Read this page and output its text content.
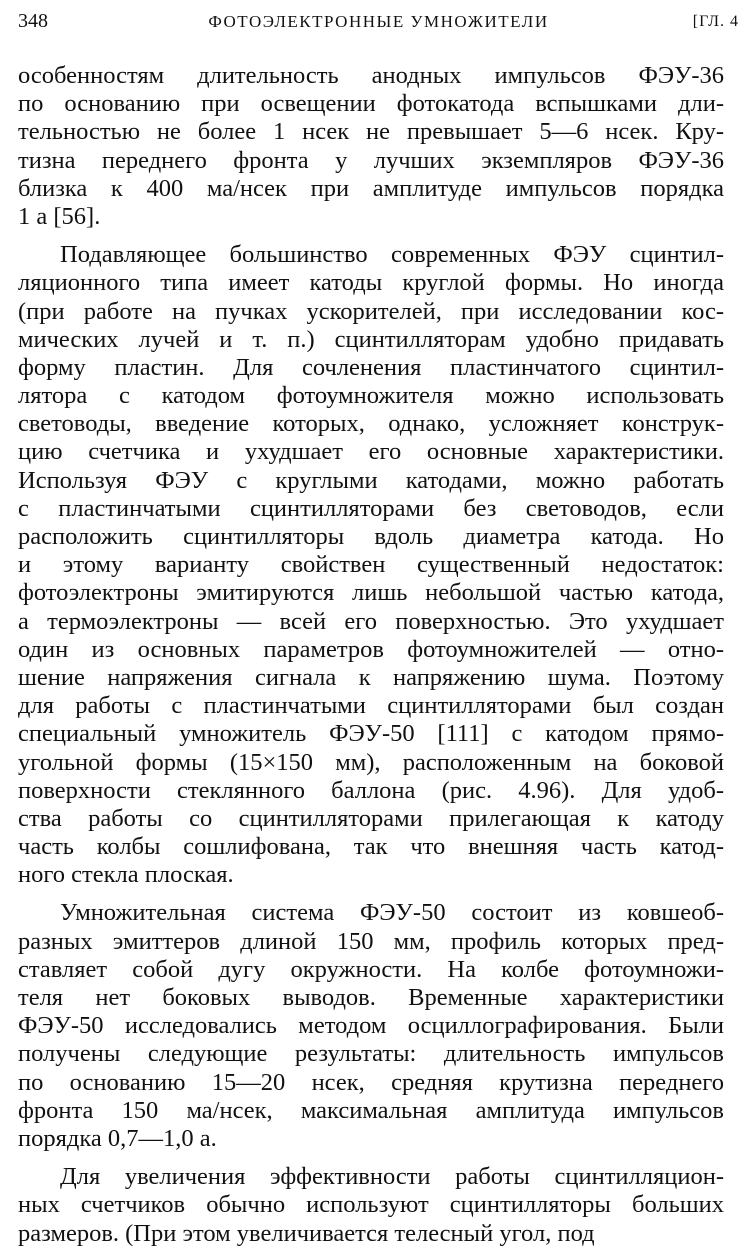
348	ФОТОЭЛЕКТРОННЫЕ УМНОЖИТЕЛИ	[ГЛ. 4
особенностям длительность анодных импульсов ФЭУ-36
по основанию при освещении фотокатода вспышками дли-
тельностью не более 1 нсек не превышает 5—6 нсек. Кру-
тизна переднего фронта у лучших экземпляров ФЭУ-36
близка к 400 ма/нсек при амплитуде импульсов порядка
1 а [56].
Подавляющее большинство современных ФЭУ сцинтил-
ляционного типа имеет катоды круглой формы. Но иногда
(при работе на пучках ускорителей, при исследовании кос-
мических лучей и т. п.) сцинтилляторам удобно придавать
форму пластин. Для сочленения пластинчатого сцинтил-
лятора с катодом фотоумножителя можно использовать
световоды, введение которых, однако, усложняет конструк-
цию счетчика и ухудшает его основные характеристики.
Используя ФЭУ с круглыми катодами, можно работать
с пластинчатыми сцинтилляторами без световодов, если
расположить сцинтилляторы вдоль диаметра катода. Но
и этому варианту свойствен существенный недостаток:
фотоэлектроны эмитируются лишь небольшой частью катода,
а термоэлектроны — всей его поверхностью. Это ухудшает
один из основных параметров фотоумножителей — отно-
шение напряжения сигнала к напряжению шума. Поэтому
для работы с пластинчатыми сцинтилляторами был создан
специальный умножитель ФЭУ-50 [111] с катодом прямо-
угольной формы (15×150 мм), расположенным на боковой
поверхности стеклянного баллона (рис. 4.96). Для удоб-
ства работы со сцинтилляторами прилегающая к катоду
часть колбы сошлифована, так что внешняя часть катод-
ного стекла плоская.
Умножительная система ФЭУ-50 состоит из ковшеоб-
разных эмиттеров длиной 150 мм, профиль которых пред-
ставляет собой дугу окружности. На колбе фотоумножи-
теля нет боковых выводов. Временные характеристики
ФЭУ-50 исследовались методом осциллографирования. Были
получены следующие результаты: длительность импульсов
по основанию 15—20 нсек, средняя крутизна переднего
фронта 150 ма/нсек, максимальная амплитуда импульсов
порядка 0,7—1,0 а.
Для увеличения эффективности работы сцинтилляцион-
ных счетчиков обычно используют сцинтилляторы больших
размеров. (При этом увеличивается телесный угол, под
